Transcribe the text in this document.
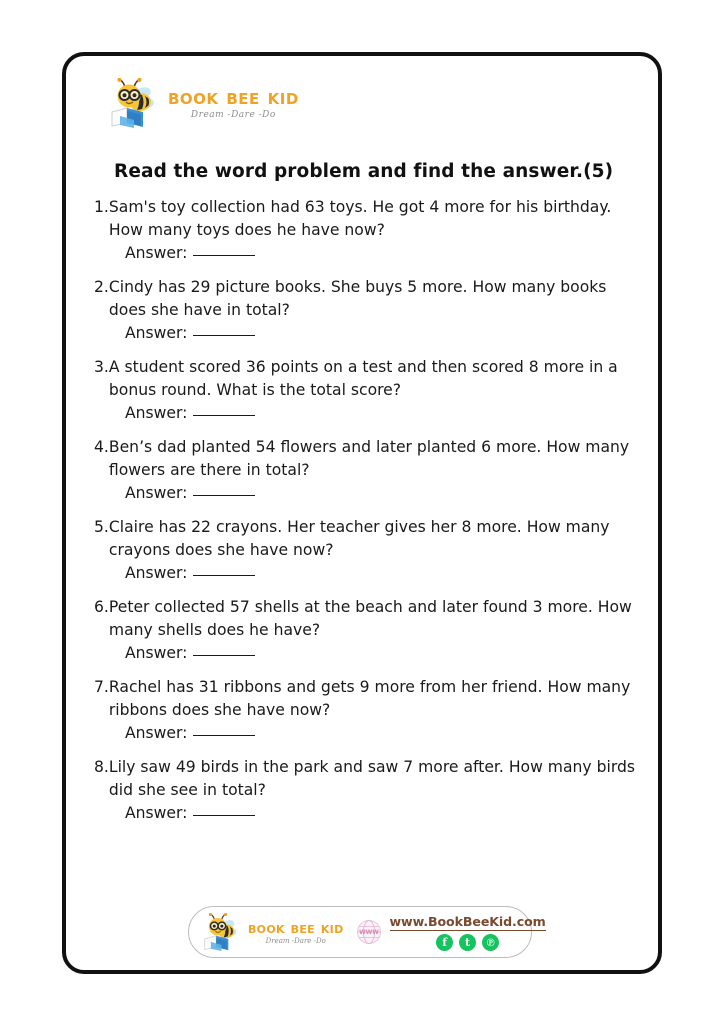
book bee kid
Dream -Dare -Do
Read the word problem and find the answer.(5)
1. Sam's toy collection had 63 toys. He got 4 more for his birthday. How many toys does he have now?
Answer:
2. Cindy has 29 picture books. She buys 5 more. How many books does she have in total?
Answer:
3. A student scored 36 points on a test and then scored 8 more in a bonus round. What is the total score?
Answer:
4. Ben’s dad planted 54 flowers and later planted 6 more. How many flowers are there in total?
Answer:
5. Claire has 22 crayons. Her teacher gives her 8 more. How many crayons does she have now?
Answer:
6. Peter collected 57 shells at the beach and later found 3 more. How many shells does he have?
Answer:
7. Rachel has 31 ribbons and gets 9 more from her friend. How many ribbons does she have now?
Answer:
8. Lily saw 49 birds in the park and saw 7 more after. How many birds did she see in total?
Answer:
book bee kid
Dream -Dare -Do
WWW
www.BookBeeKid.com
f	t	℗
